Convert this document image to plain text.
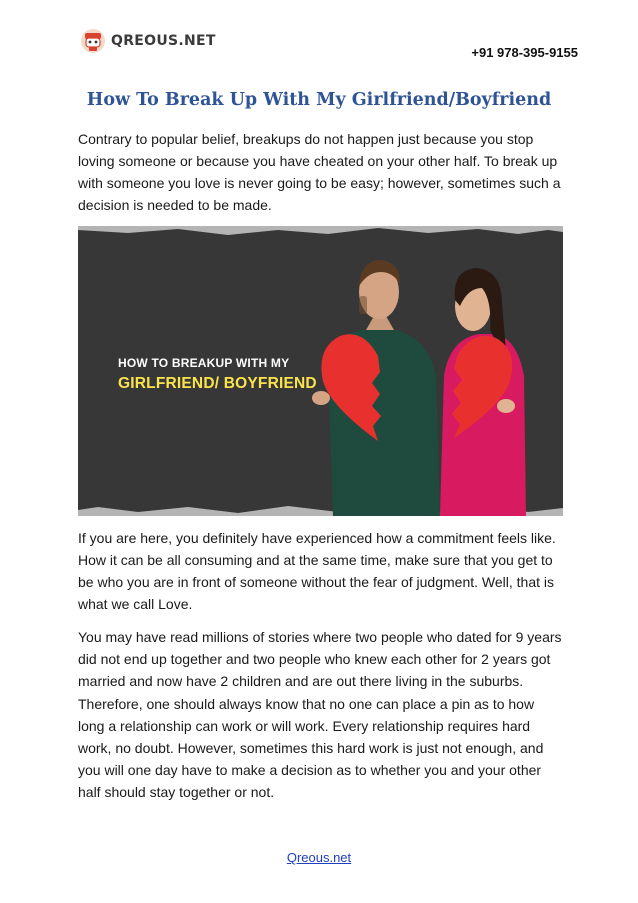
QREOUS.NET
+91 978-395-9155
How To Break Up With My Girlfriend/Boyfriend

Contrary to popular belief, breakups do not happen just because you stop loving someone or because you have cheated on your other half. To break up with someone you love is never going to be easy; however, sometimes such a decision is needed to be made.

HOW TO BREAKUP WITH MY
GIRLFRIEND/ BOYFRIEND

If you are here, you definitely have experienced how a commitment feels like. How it can be all consuming and at the same time, make sure that you get to be who you are in front of someone without the fear of judgment. Well, that is what we call Love.

You may have read millions of stories where two people who dated for 9 years did not end up together and two people who knew each other for 2 years got married and now have 2 children and are out there living in the suburbs.

Therefore, one should always know that no one can place a pin as to how long a relationship can work or will work. Every relationship requires hard work, no doubt. However, sometimes this hard work is just not enough, and you will one day have to make a decision as to whether you and your other half should stay together or not.

Qreous.net
